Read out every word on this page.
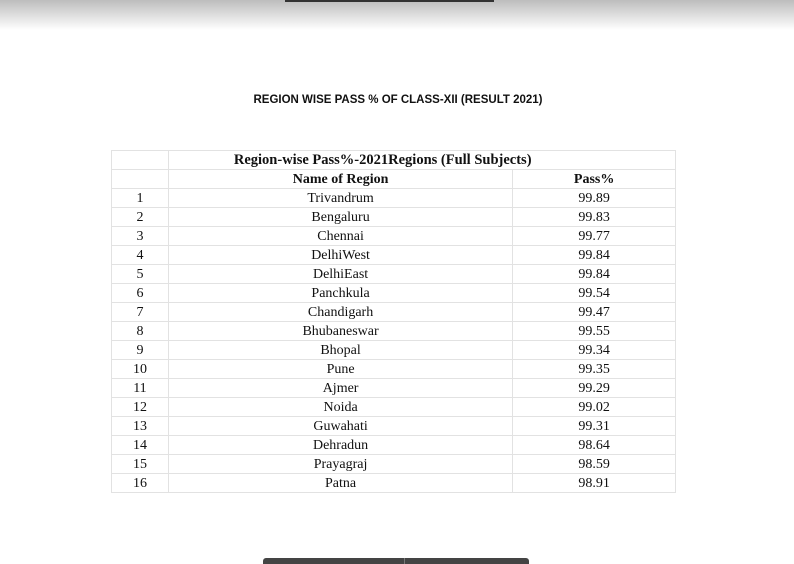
REGION WISE PASS % OF CLASS-XII (RESULT 2021)
	Region-wise Pass%-2021Regions (Full Subjects)	
	Name of Region	Pass%
1	Trivandrum	99.89
2	Bengaluru	99.83
3	Chennai	99.77
4	DelhiWest	99.84
5	DelhiEast	99.84
6	Panchkula	99.54
7	Chandigarh	99.47
8	Bhubaneswar	99.55
9	Bhopal	99.34
10	Pune	99.35
11	Ajmer	99.29
12	Noida	99.02
13	Guwahati	99.31
14	Dehradun	98.64
15	Prayagraj	98.59
16	Patna	98.91
